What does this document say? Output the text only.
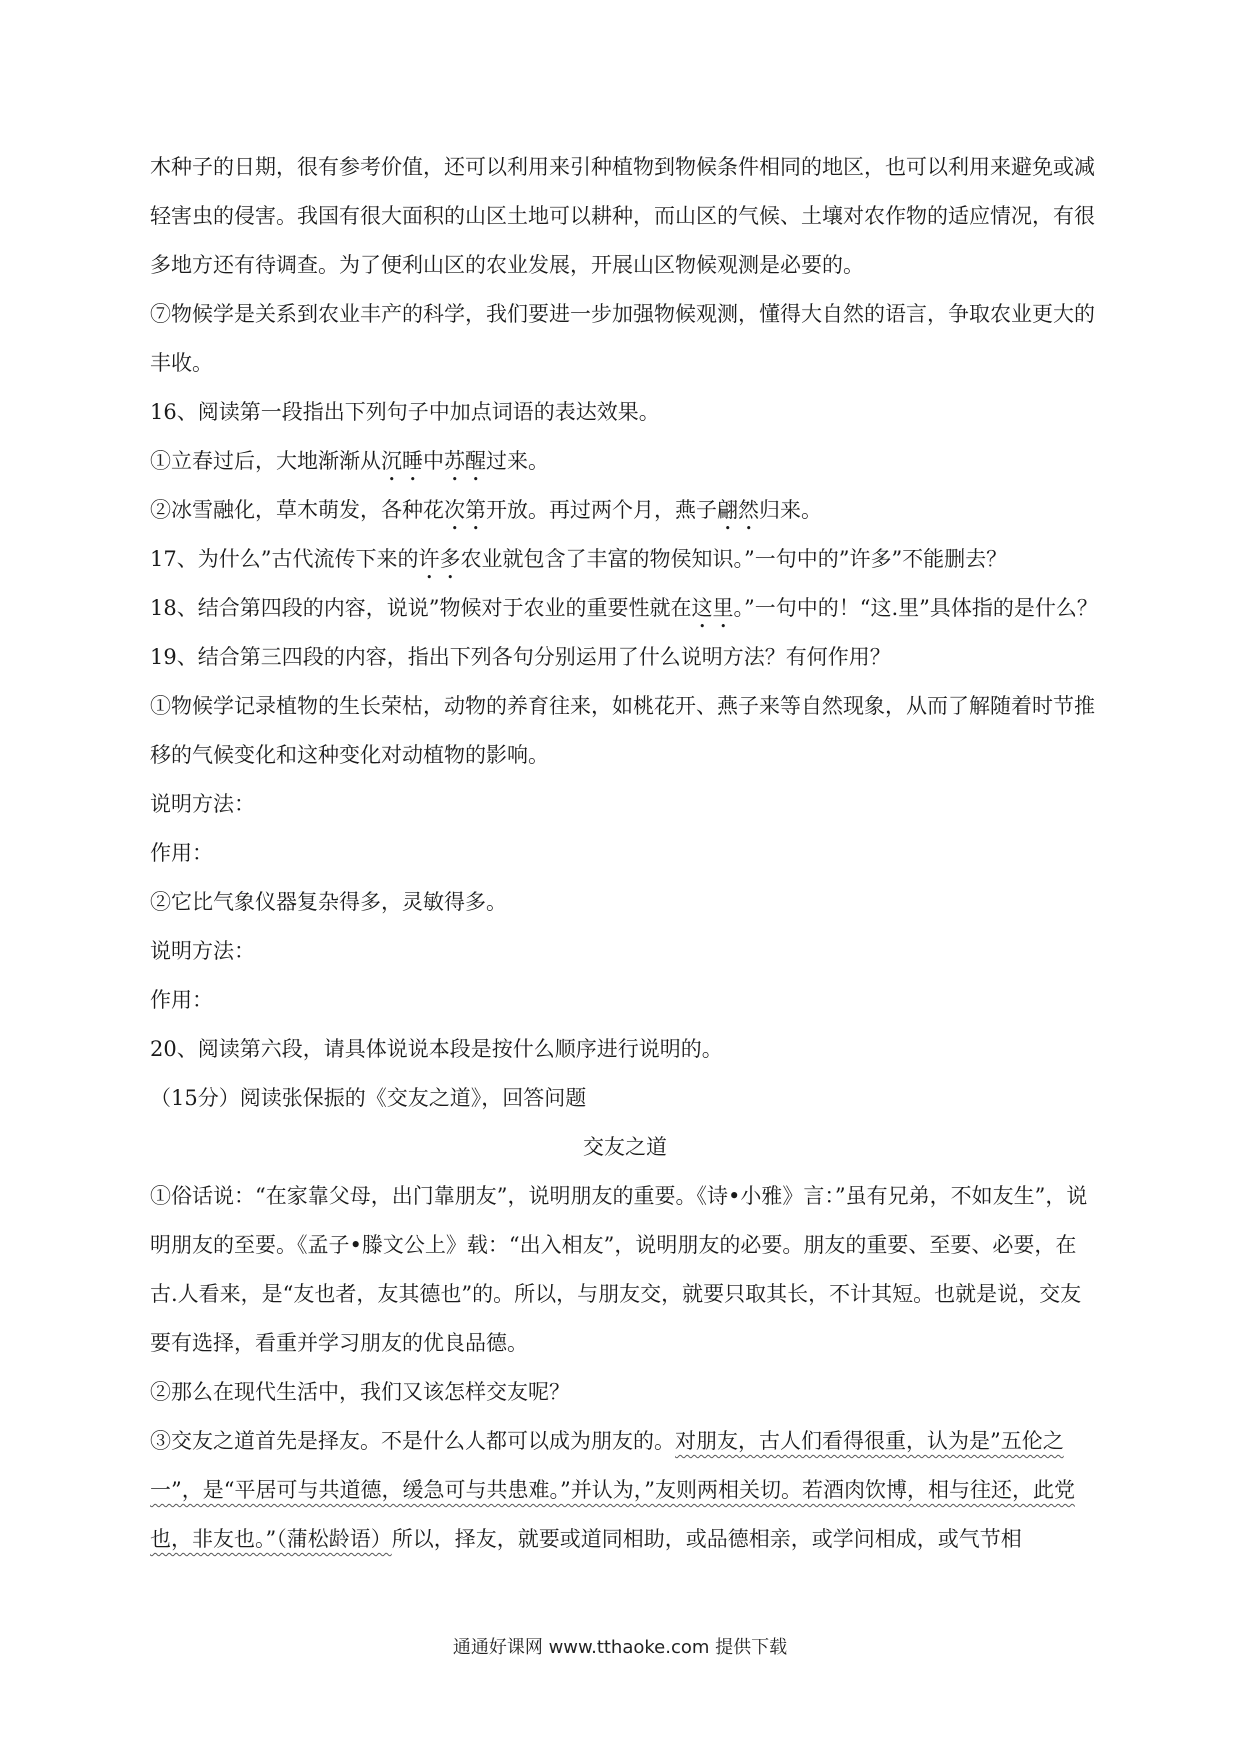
木种子的日期，很有参考价值，还可以利用来引种植物到物候条件相同的地区，也可以利用来避免或减轻害虫的侵害。我国有很大面积的山区土地可以耕种，而山区的气候、土壤对农作物的适应情况，有很多地方还有待调查。为了便利山区的农业发展，开展山区物候观测是必要的。

⑦物候学是关系到农业丰产的科学，我们要进一步加强物候观测，懂得大自然的语言，争取农业更大的丰收。

16、阅读第一段指出下列句子中加点词语的表达效果。

①立春过后，大地渐渐从沉睡中苏醒过来。

②冰雪融化，草木萌发，各种花次第开放。再过两个月，燕子翩然归来。

17、为什么”古代流传下来的许多农业就包含了丰富的物侯知识。”一句中的”许多”不能删去？

18、结合第四段的内容，说说”物候对于农业的重要性就在这里。”一句中的！“这.里”具体指的是什么？

19、结合第三四段的内容，指出下列各句分别运用了什么说明方法？有何作用？

①物候学记录植物的生长荣枯，动物的养育往来，如桃花开、燕子来等自然现象，从而了解随着时节推移的气候变化和这种变化对动植物的影响。

说明方法：

作用：

②它比气象仪器复杂得多，灵敏得多。

说明方法：

作用：

20、阅读第六段，请具体说说本段是按什么顺序进行说明的。

（15分）阅读张保振的《交友之道》，回答问题

交友之道

①俗话说：“在家靠父母，出门靠朋友”，说明朋友的重要。《诗•小雅》言：”虽有兄弟，不如友生”，说明朋友的至要。《孟子•滕文公上》载：“出入相友”，说明朋友的必要。朋友的重要、至要、必要，在古.人看来，是“友也者，友其德也”的。所以，与朋友交，就要只取其长，不计其短。也就是说，交友要有选择，看重并学习朋友的优良品德。

②那么在现代生活中，我们又该怎样交友呢？

③交友之道首先是择友。不是什么人都可以成为朋友的。对朋友，古人们看得很重，认为是”五伦之一”，是“平居可与共道德，缓急可与共患难。”并认为，”友则两相关切。若酒肉饮博，相与往还，此党也，非友也。”（蒲松龄语）所以，择友，就要或道同相助，或品德相亲，或学问相成，或气节相

通通好课网 www.tthaoke.com 提供下载
